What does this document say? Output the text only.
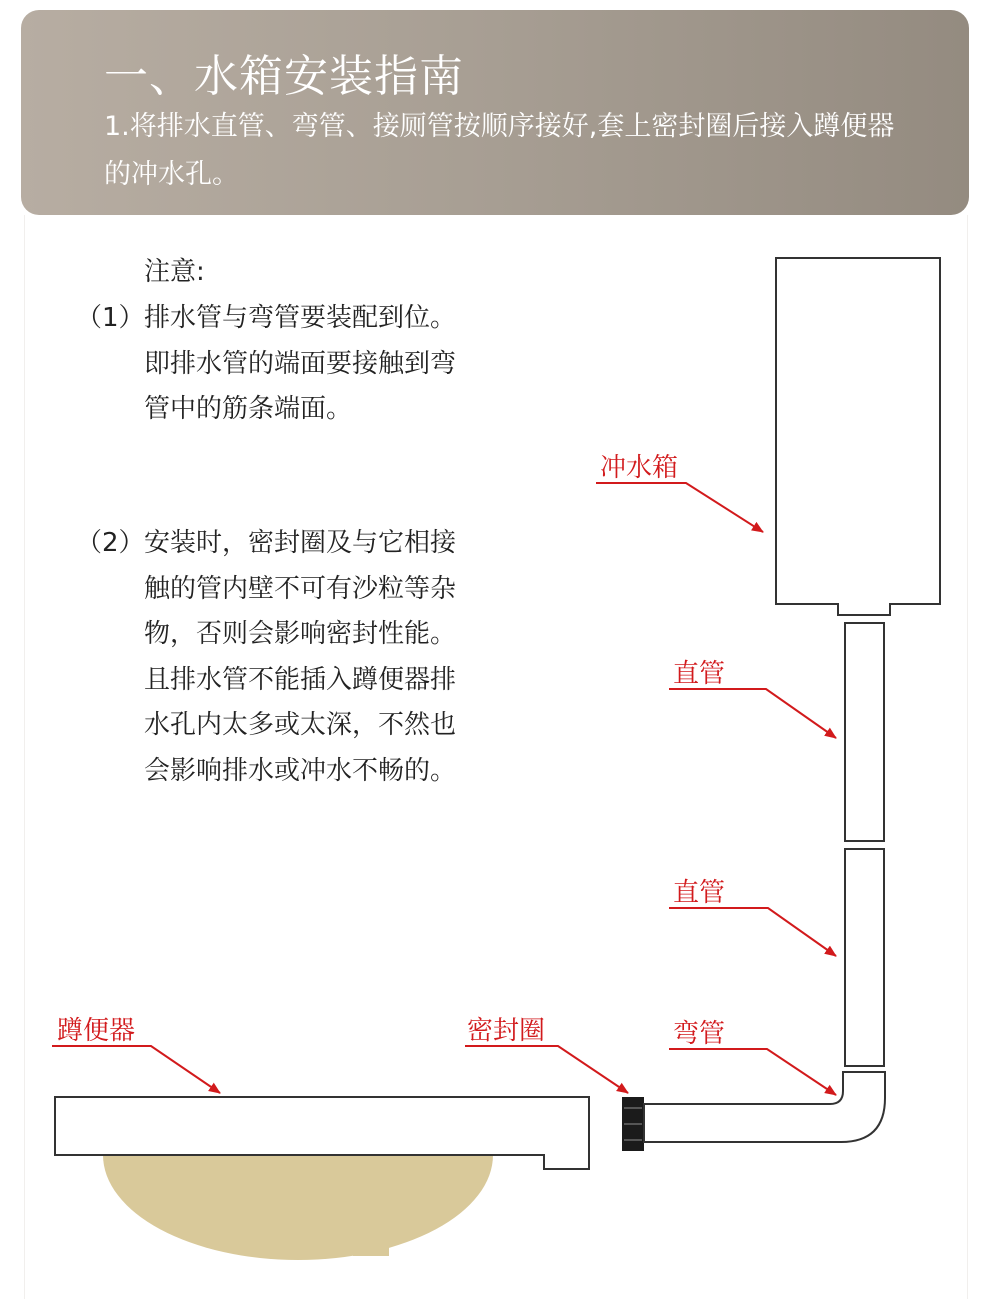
一、水箱安装指南
1.将排水直管、弯管、接厕管按顺序接好,套上密封圈后接入蹲便器的冲水孔。
注意:
（1） 排水管与弯管要装配到位。即排水管的端面要接触到弯管中的筋条端面。
（2） 安装时，密封圈及与它相接触的管内壁不可有沙粒等杂物，否则会影响密封性能。且排水管不能插入蹲便器排水孔内太多或太深，不然也会影响排水或冲水不畅的。
冲水箱
直管
直管
弯管
密封圈
蹲便器
